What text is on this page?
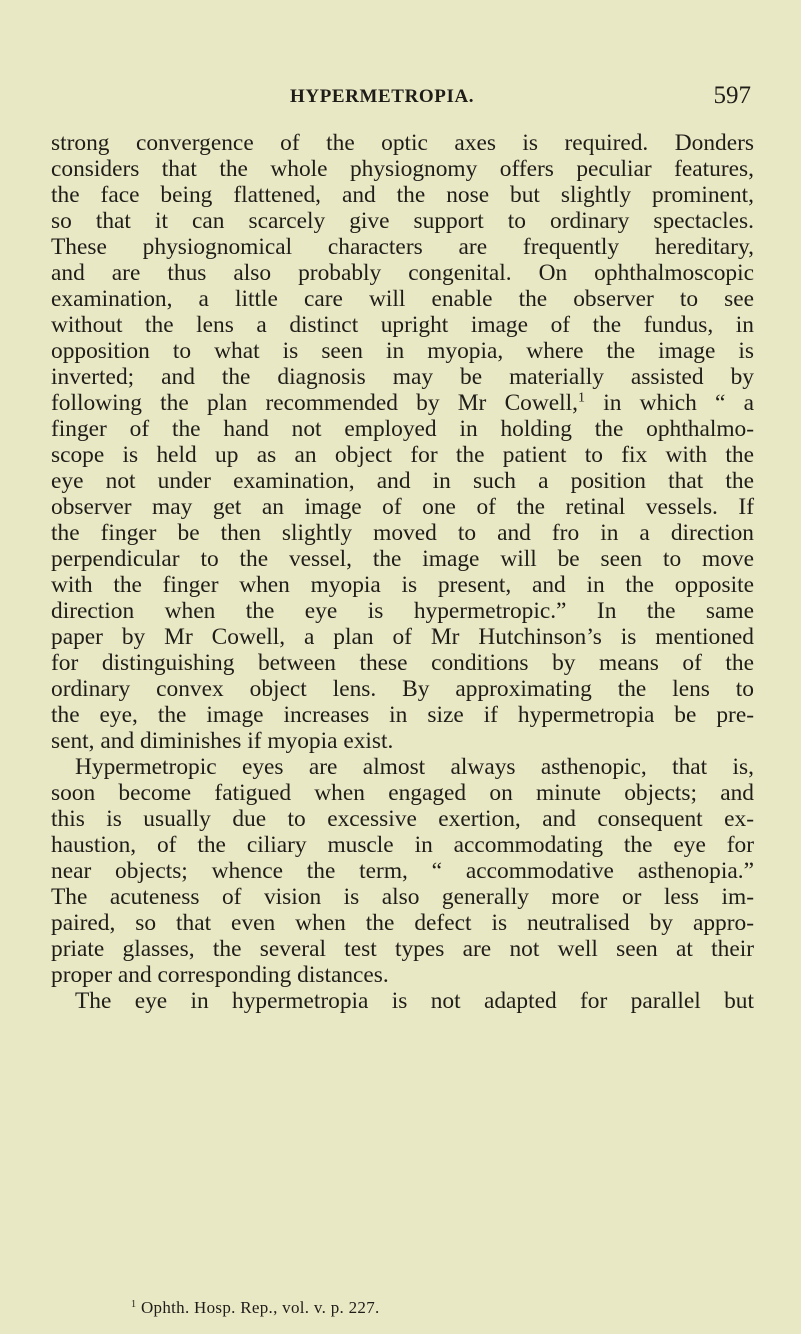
HYPERMETROPIA.	597
strong convergence of the optic axes is required. Donders
considers that the whole physiognomy offers peculiar features,
the face being flattened, and the nose but slightly prominent,
so that it can scarcely give support to ordinary spectacles.
These physiognomical characters are frequently hereditary,
and are thus also probably congenital. On ophthalmoscopic
examination, a little care will enable the observer to see
without the lens a distinct upright image of the fundus, in
opposition to what is seen in myopia, where the image is
inverted; and the diagnosis may be materially assisted by
following the plan recommended by Mr Cowell,$^1$ in which “ a
finger of the hand not employed in holding the ophthalmo-
scope is held up as an object for the patient to fix with the
eye not under examination, and in such a position that the
observer may get an image of one of the retinal vessels. If
the finger be then slightly moved to and fro in a direction
perpendicular to the vessel, the image will be seen to move
with the finger when myopia is present, and in the opposite
direction when the eye is hypermetropic.” In the same
paper by Mr Cowell, a plan of Mr Hutchinson’s is mentioned
for distinguishing between these conditions by means of the
ordinary convex object lens. By approximating the lens to
the eye, the image increases in size if hypermetropia be pre-
sent, and diminishes if myopia exist.
Hypermetropic eyes are almost always asthenopic, that is,
soon become fatigued when engaged on minute objects; and
this is usually due to excessive exertion, and consequent ex-
haustion, of the ciliary muscle in accommodating the eye for
near objects; whence the term, “ accommodative asthenopia.”
The acuteness of vision is also generally more or less im-
paired, so that even when the defect is neutralised by appro-
priate glasses, the several test types are not well seen at their
proper and corresponding distances.
The eye in hypermetropia is not adapted for parallel but
$^1$ Ophth. Hosp. Rep., vol. v. p. 227.
